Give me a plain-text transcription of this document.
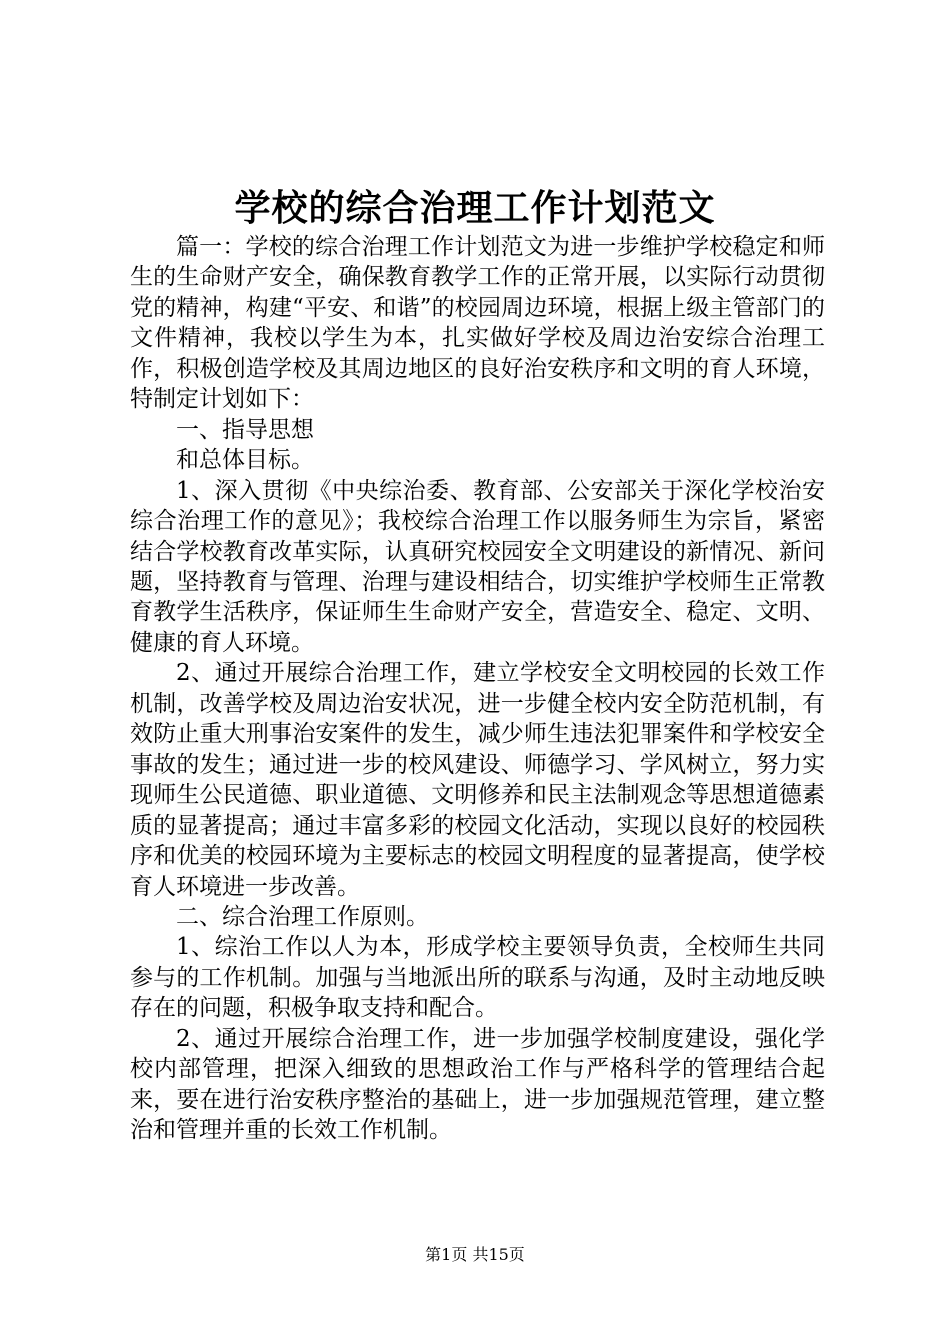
学校的综合治理工作计划范文

篇一：学校的综合治理工作计划范文为进一步维护学校稳定和师生的生命财产安全，确保教育教学工作的正常开展，以实际行动贯彻党的精神，构建“平安、和谐”的校园周边环境，根据上级主管部门的文件精神，我校以学生为本，扎实做好学校及周边治安综合治理工作，积极创造学校及其周边地区的良好治安秩序和文明的育人环境，特制定计划如下：

一、指导思想

和总体目标。

1、深入贯彻《中央综治委、教育部、公安部关于深化学校治安综合治理工作的意见》；我校综合治理工作以服务师生为宗旨，紧密结合学校教育改革实际，认真研究校园安全文明建设的新情况、新问题，坚持教育与管理、治理与建设相结合，切实维护学校师生正常教育教学生活秩序，保证师生生命财产安全，营造安全、稳定、文明、健康的育人环境。

2、通过开展综合治理工作，建立学校安全文明校园的长效工作机制，改善学校及周边治安状况，进一步健全校内安全防范机制，有效防止重大刑事治安案件的发生，减少师生违法犯罪案件和学校安全事故的发生；通过进一步的校风建设、师德学习、学风树立，努力实现师生公民道德、职业道德、文明修养和民主法制观念等思想道德素质的显著提高；通过丰富多彩的校园文化活动，实现以良好的校园秩序和优美的校园环境为主要标志的校园文明程度的显著提高，使学校育人环境进一步改善。

二、综合治理工作原则。

1、综治工作以人为本，形成学校主要领导负责，全校师生共同参与的工作机制。加强与当地派出所的联系与沟通，及时主动地反映存在的问题，积极争取支持和配合。

2、通过开展综合治理工作，进一步加强学校制度建设，强化学校内部管理，把深入细致的思想政治工作与严格科学的管理结合起来，要在进行治安秩序整治的基础上，进一步加强规范管理，建立整治和管理并重的长效工作机制。

第1页 共15页
